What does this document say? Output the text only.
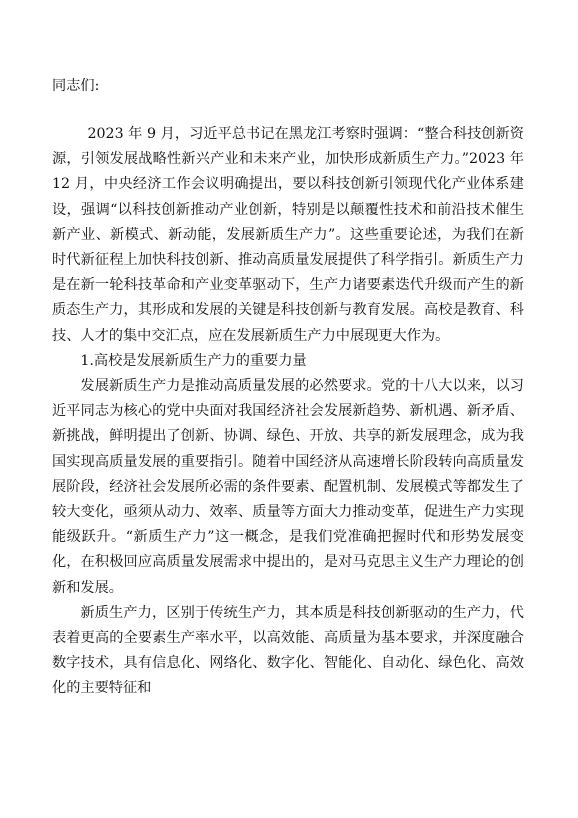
同志们:

2023 年 9 月，习近平总书记在黑龙江考察时强调：“整合科技创新资源，引领发展战略性新兴产业和未来产业，加快形成新质生产力。”2023 年 12 月，中央经济工作会议明确提出，要以科技创新引领现代化产业体系建设，强调“以科技创新推动产业创新，特别是以颠覆性技术和前沿技术催生新产业、新模式、新动能，发展新质生产力”。这些重要论述，为我们在新时代新征程上加快科技创新、推动高质量发展提供了科学指引。新质生产力是在新一轮科技革命和产业变革驱动下，生产力诸要素迭代升级而产生的新质态生产力，其形成和发展的关键是科技创新与教育发展。高校是教育、科技、人才的集中交汇点，应在发展新质生产力中展现更大作为。

1.高校是发展新质生产力的重要力量

发展新质生产力是推动高质量发展的必然要求。党的十八大以来，以习近平同志为核心的党中央面对我国经济社会发展新趋势、新机遇、新矛盾、新挑战，鲜明提出了创新、协调、绿色、开放、共享的新发展理念，成为我国实现高质量发展的重要指引。随着中国经济从高速增长阶段转向高质量发展阶段，经济社会发展所必需的条件要素、配置机制、发展模式等都发生了较大变化，亟须从动力、效率、质量等方面大力推动变革，促进生产力实现能级跃升。“新质生产力”这一概念，是我们党准确把握时代和形势发展变化，在积极回应高质量发展需求中提出的，是对马克思主义生产力理论的创新和发展。

新质生产力，区别于传统生产力，其本质是科技创新驱动的生产力，代表着更高的全要素生产率水平，以高效能、高质量为基本要求，并深度融合数字技术，具有信息化、网络化、数字化、智能化、自动化、绿色化、高效化的主要特征和
